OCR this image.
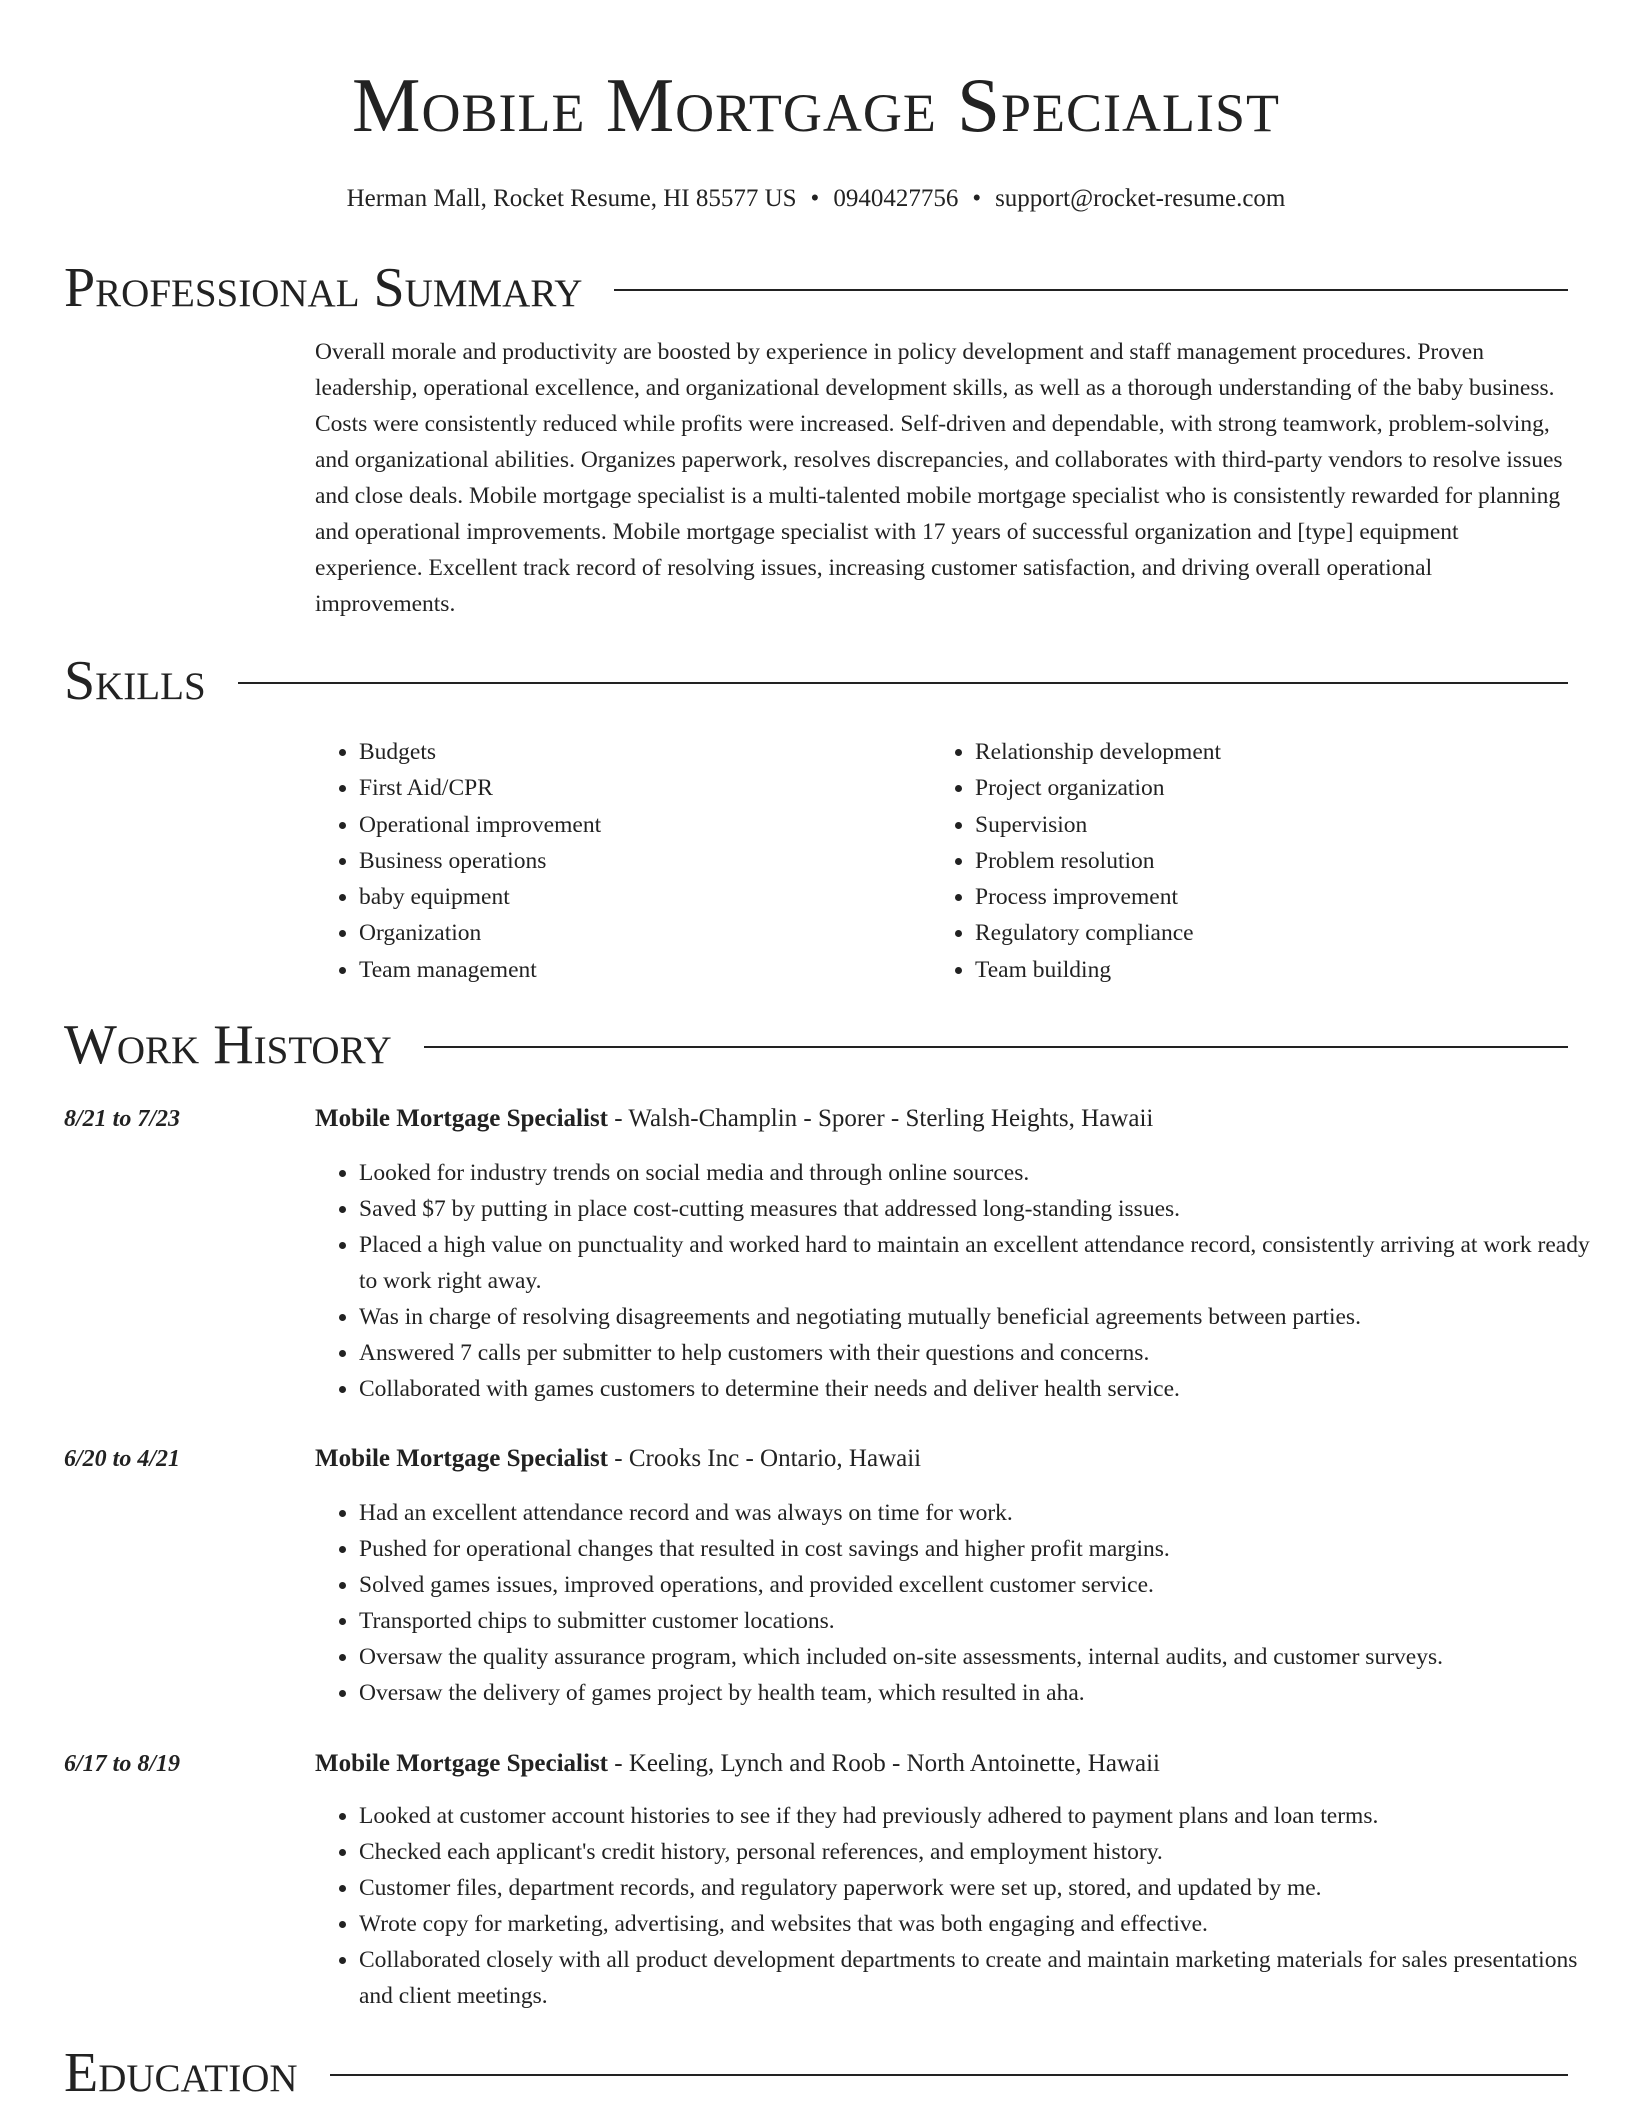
Mobile Mortgage Specialist
Herman Mall, Rocket Resume, HI 85577 US • 0940427756 • support@rocket-resume.com
Professional Summary

Overall morale and productivity are boosted by experience in policy development and staff management procedures. Proven leadership, operational excellence, and organizational development skills, as well as a thorough understanding of the baby business. Costs were consistently reduced while profits were increased. Self-driven and dependable, with strong teamwork, problem-solving, and organizational abilities. Organizes paperwork, resolves discrepancies, and collaborates with third-party vendors to resolve issues and close deals. Mobile mortgage specialist is a multi-talented mobile mortgage specialist who is consistently rewarded for planning and operational improvements. Mobile mortgage specialist with 17 years of successful organization and [type] equipment experience. Excellent track record of resolving issues, increasing customer satisfaction, and driving overall operational improvements.

Skills
• Budgets
• First Aid/CPR
• Operational improvement
• Business operations
• baby equipment
• Organization
• Team management
• Relationship development
• Project organization
• Supervision
• Problem resolution
• Process improvement
• Regulatory compliance
• Team building
Work History
8/21 to 7/23	Mobile Mortgage Specialist - Walsh-Champlin - Sporer - Sterling Heights, Hawaii
• Looked for industry trends on social media and through online sources.
• Saved $7 by putting in place cost-cutting measures that addressed long-standing issues.
• Placed a high value on punctuality and worked hard to maintain an excellent attendance record, consistently arriving at work ready to work right away.
• Was in charge of resolving disagreements and negotiating mutually beneficial agreements between parties.
• Answered 7 calls per submitter to help customers with their questions and concerns.
• Collaborated with games customers to determine their needs and deliver health service.
6/20 to 4/21	Mobile Mortgage Specialist - Crooks Inc - Ontario, Hawaii
• Had an excellent attendance record and was always on time for work.
• Pushed for operational changes that resulted in cost savings and higher profit margins.
• Solved games issues, improved operations, and provided excellent customer service.
• Transported chips to submitter customer locations.
• Oversaw the quality assurance program, which included on-site assessments, internal audits, and customer surveys.
• Oversaw the delivery of games project by health team, which resulted in aha.
6/17 to 8/19	Mobile Mortgage Specialist - Keeling, Lynch and Roob - North Antoinette, Hawaii
• Looked at customer account histories to see if they had previously adhered to payment plans and loan terms.
• Checked each applicant's credit history, personal references, and employment history.
• Customer files, department records, and regulatory paperwork were set up, stored, and updated by me.
• Wrote copy for marketing, advertising, and websites that was both engaging and effective.
• Collaborated closely with all product development departments to create and maintain marketing materials for sales presentations and client meetings.
Education
